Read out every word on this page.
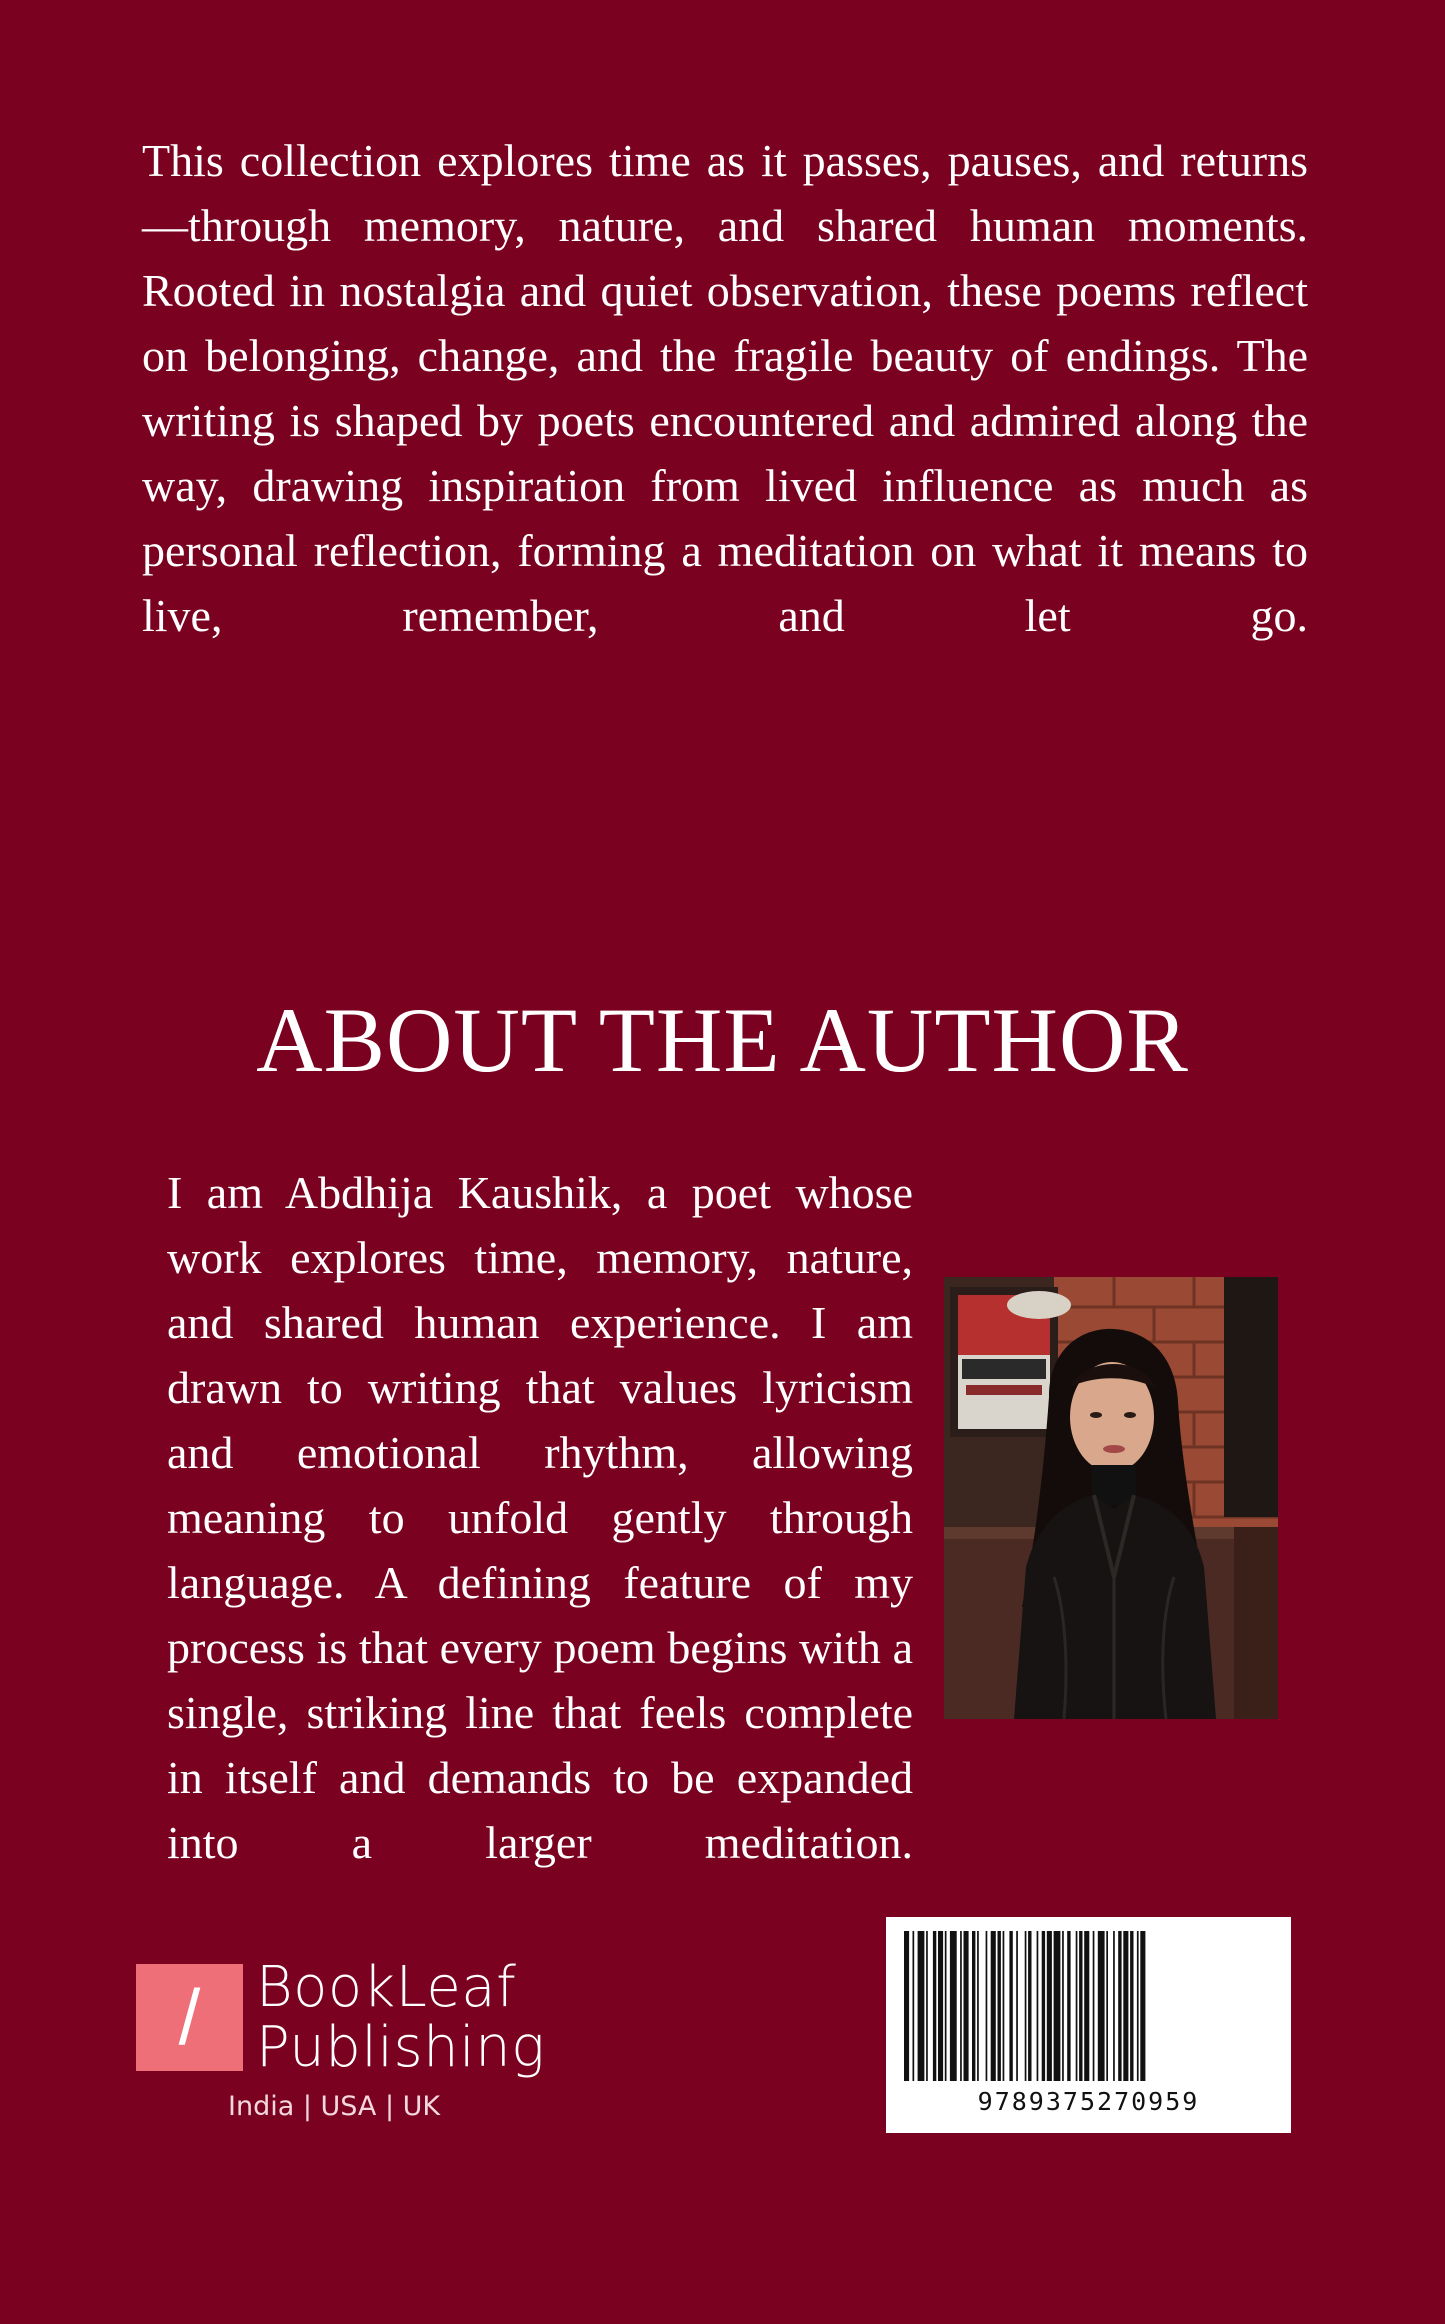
This collection explores time as it passes, pauses, and returns—through memory, nature, and shared human moments. Rooted in nostalgia and quiet observation, these poems reflect on belonging, change, and the fragile beauty of endings. The writing is shaped by poets encountered and admired along the way, drawing inspiration from lived influence as much as personal reflection, forming a meditation on what it means to live,	remember, and let go.

ABOUT THE AUTHOR

I am Abdhija Kaushik, a poet whose work explores time, memory, nature, and shared human experience. I am drawn to writing that values lyricism and emotional rhythm, allowing meaning to unfold gently through language. A defining feature of my process is that every poem begins with a single, striking line that feels complete in itself and demands to be expanded into a larger meditation.

/ BookLeaf
Publishing
India | USA | UK	9789375270959
